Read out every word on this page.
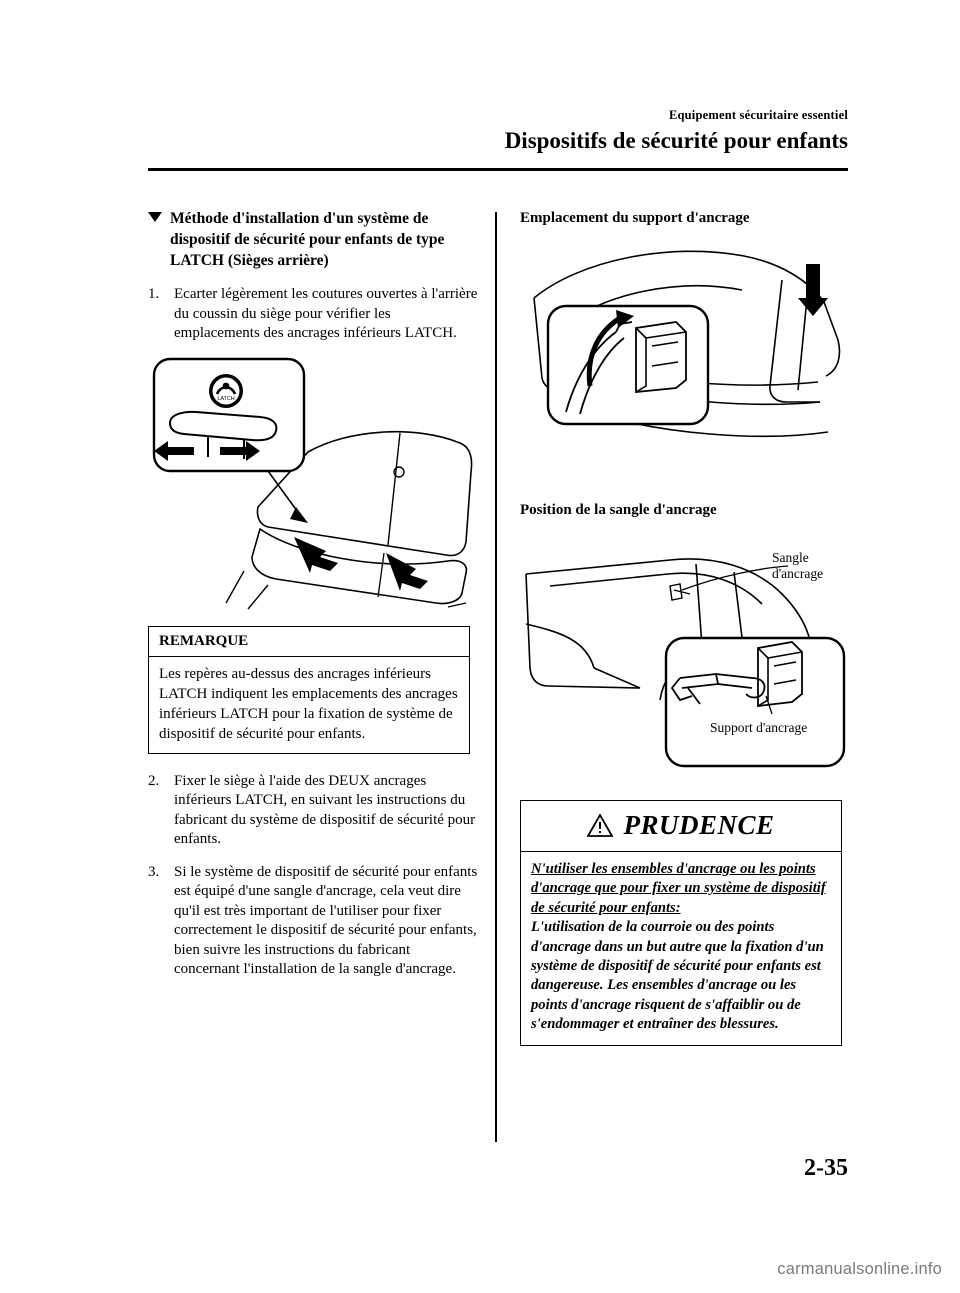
Equipement sécuritaire essentiel
Dispositifs de sécurité pour enfants
Méthode d'installation d'un système de dispositif de sécurité pour enfants de type LATCH (Sièges arrière)
1. Ecarter légèrement les coutures ouvertes à l'arrière du coussin du siège pour vérifier les emplacements des ancrages inférieurs LATCH.
LATCH
REMARQUE
Les repères au-dessus des ancrages inférieurs LATCH indiquent les emplacements des ancrages inférieurs LATCH pour la fixation de système de dispositif de sécurité pour enfants.
2. Fixer le siège à l'aide des DEUX ancrages inférieurs LATCH, en suivant les instructions du fabricant du système de dispositif de sécurité pour enfants.
3. Si le système de dispositif de sécurité pour enfants est équipé d'une sangle d'ancrage, cela veut dire qu'il est très important de l'utiliser pour fixer correctement le dispositif de sécurité pour enfants, bien suivre les instructions du fabricant concernant l'installation de la sangle d'ancrage.
Emplacement du support d'ancrage
Position de la sangle d'ancrage
Sangle d'ancrage
Support d'ancrage
PRUDENCE
N'utiliser les ensembles d'ancrage ou les points d'ancrage que pour fixer un système de dispositif de sécurité pour enfants:
L'utilisation de la courroie ou des points d'ancrage dans un but autre que la fixation d'un système de dispositif de sécurité pour enfants est dangereuse. Les ensembles d'ancrage ou les points d'ancrage risquent de s'affaiblir ou de s'endommager et entraîner des blessures.
2-35
carmanualsonline.info
